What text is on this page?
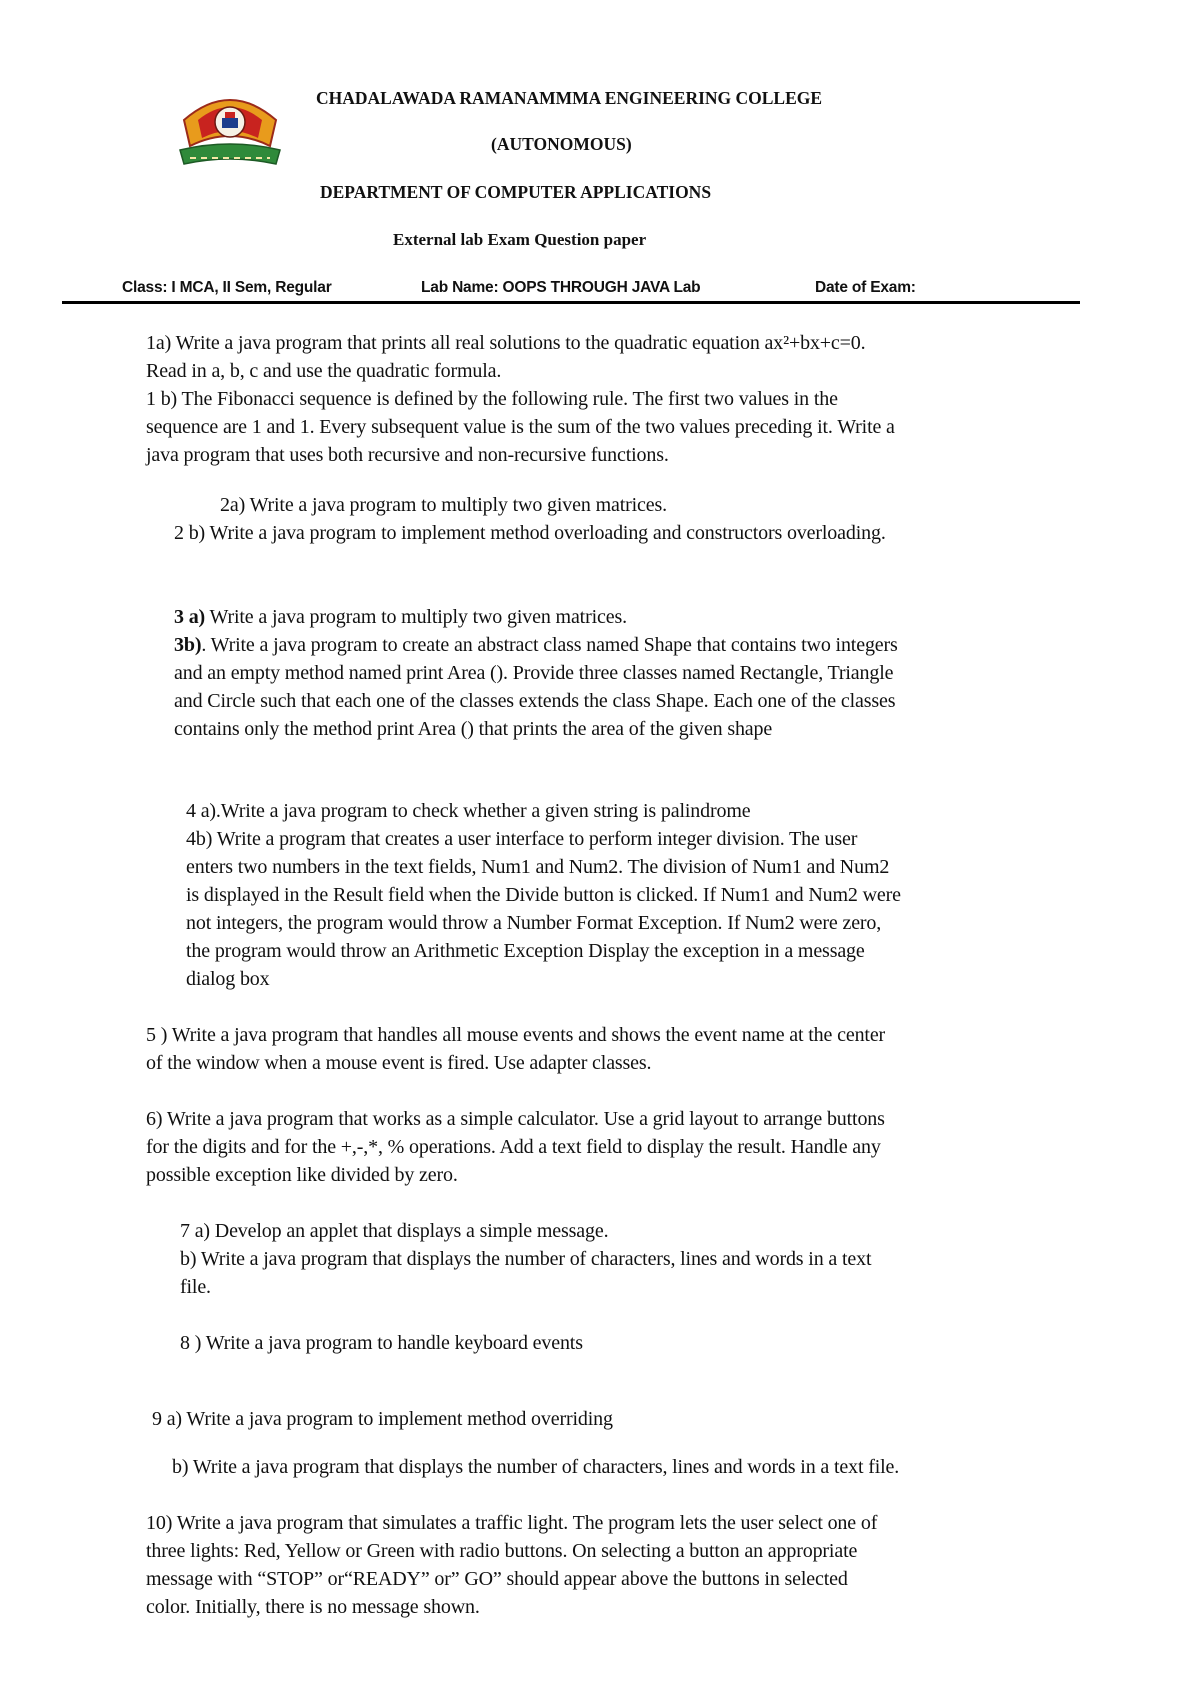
CHADALAWADA RAMANAMMMA ENGINEERING COLLEGE
(AUTONOMOUS)
DEPARTMENT OF COMPUTER APPLICATIONS
External lab Exam Question paper
Class: I MCA, II Sem, Regular	Lab Name: OOPS THROUGH JAVA Lab	Date of Exam:

1a) Write a java program that prints all real solutions to the quadratic equation ax²+bx+c=0.
Read in a, b, c and use the quadratic formula.

1 b) The Fibonacci sequence is defined by the following rule. The first two values in the
sequence are 1 and 1. Every subsequent value is the sum of the two values preceding it. Write a
java program that uses both recursive and non-recursive functions.

2a) Write a java program to multiply two given matrices.

2 b) Write a java program to implement method overloading and constructors overloading.

3 a) Write a java program to multiply two given matrices.

3b). Write a java program to create an abstract class named Shape that contains two integers
and an empty method named print Area (). Provide three classes named Rectangle, Triangle
and Circle such that each one of the classes extends the class Shape. Each one of the classes
contains only the method print Area () that prints the area of the given shape

4 a).Write a java program to check whether a given string is palindrome

4b) Write a program that creates a user interface to perform integer division. The user
enters two numbers in the text fields, Num1 and Num2. The division of Num1 and Num2
is displayed in the Result field when the Divide button is clicked. If Num1 and Num2 were
not integers, the program would throw a Number Format Exception. If Num2 were zero,
the program would throw an Arithmetic Exception Display the exception in a message
dialog box

5 ) Write a java program that handles all mouse events and shows the event name at the center
of the window when a mouse event is fired. Use adapter classes.

6) Write a java program that works as a simple calculator. Use a grid layout to arrange buttons
for the digits and for the +,-,*, % operations. Add a text field to display the result. Handle any
possible exception like divided by zero.

7 a) Develop an applet that displays a simple message.

b) Write a java program that displays the number of characters, lines and words in a text
file.

8 ) Write a java program to handle keyboard events

9 a) Write a java program to implement method overriding

b) Write a java program that displays the number of characters, lines and words in a text file.

10) Write a java program that simulates a traffic light. The program lets the user select one of
three lights: Red, Yellow or Green with radio buttons. On selecting a button an appropriate
message with “STOP” or“READY” or” GO” should appear above the buttons in selected
color. Initially, there is no message shown.
